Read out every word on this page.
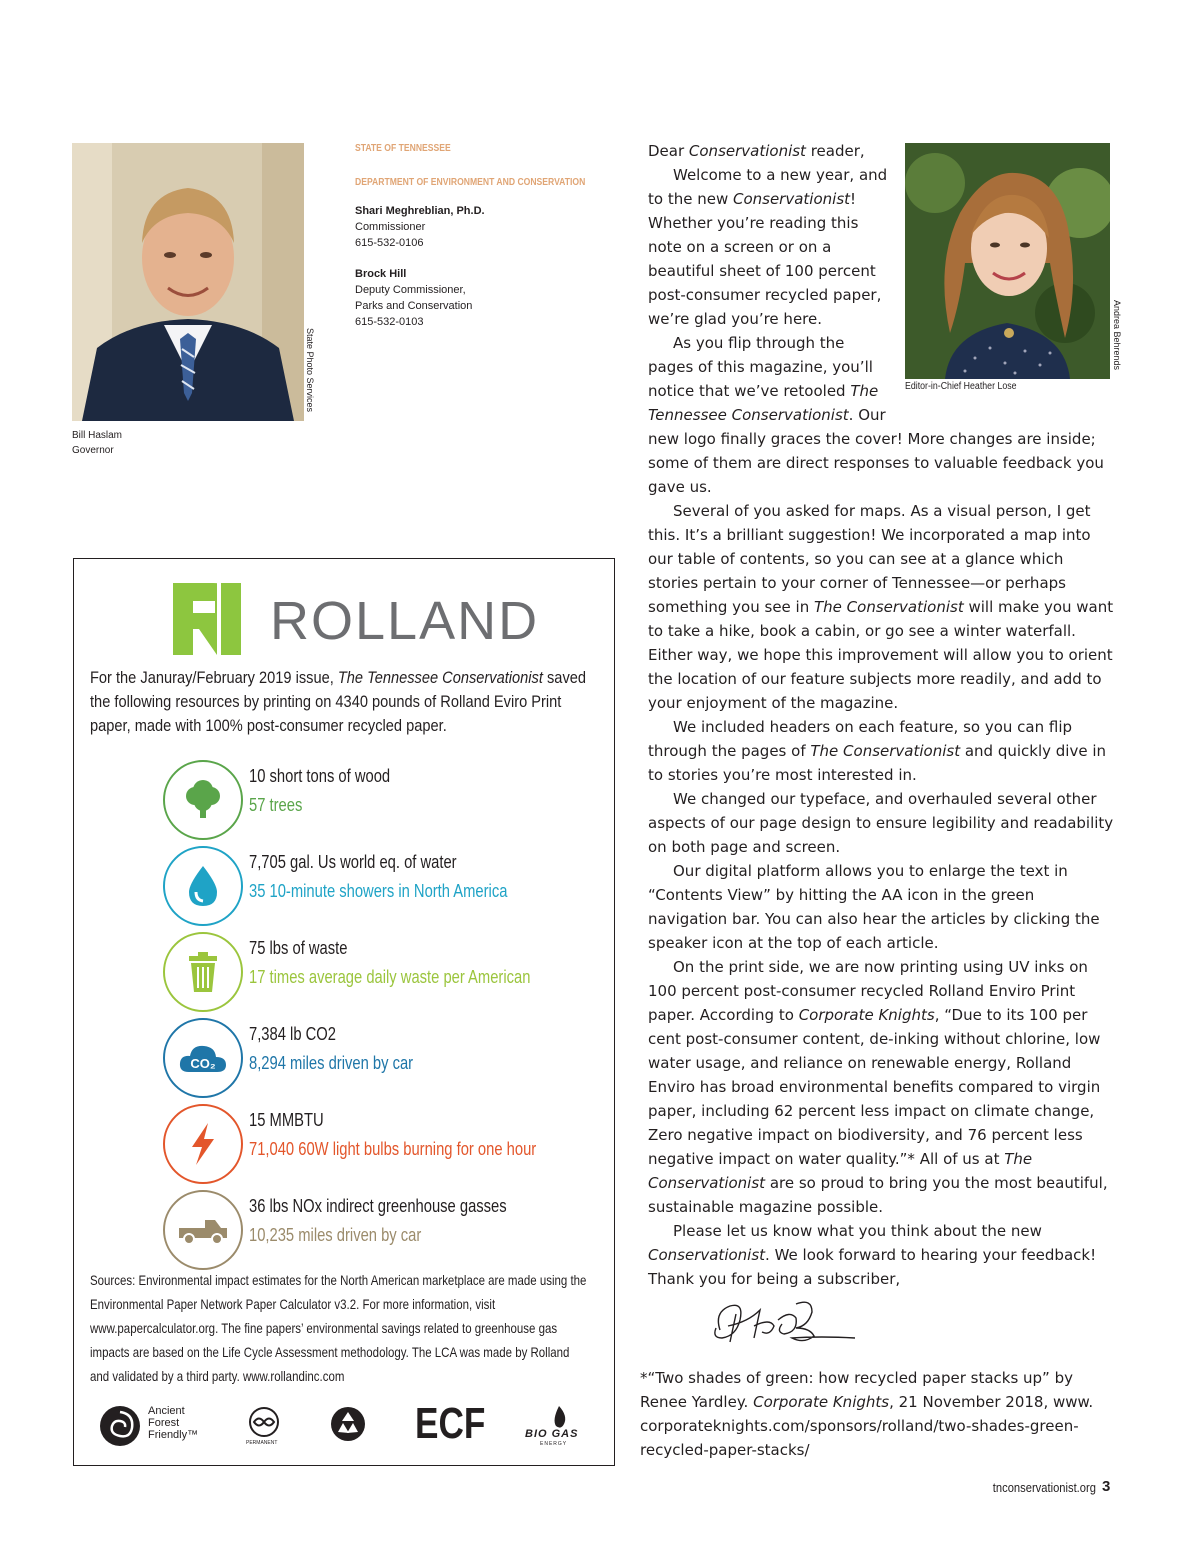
State Photo Services
Bill Haslam
Governor
STATE OF TENNESSEE
DEPARTMENT OF ENVIRONMENT AND CONSERVATION
Shari Meghreblian, Ph.D.
Commissioner
615-532-0106
Brock Hill
Deputy Commissioner,
Parks and Conservation
615-532-0103	Andrea Behrends
Editor-in-Chief Heather Lose

Dear Conservationist reader,

Welcome to a new year, and

to the new Conservationist!

Whether you’re reading this

note on a screen or on a

beautiful sheet of 100 percent

post-consumer recycled paper,

we’re glad you’re here.

As you flip through the

pages of this magazine, you’ll

notice that we’ve retooled The

Tennessee Conservationist. Our

new logo finally graces the cover! More changes are inside;

some of them are direct responses to valuable feedback you

gave us.

Several of you asked for maps. As a visual person, I get this. It’s a brilliant suggestion! We incorporated a map into our table of contents, so you can see at a glance which stories pertain to your corner of Tennessee—or perhaps something you see in The Conservationist will make you want to take a hike, book a cabin, or go see a winter waterfall. Either way, we hope this improvement will allow you to orient the location of our feature subjects more readily, and add to your enjoyment of the magazine.

We included headers on each feature, so you can flip through the pages of The Conservationist and quickly dive in to stories you’re most interested in.

We changed our typeface, and overhauled several other aspects of our page design to ensure legibility and readability on both page and screen.

Our digital platform allows you to enlarge the text in “Contents View” by hitting the AA icon in the green navigation bar. You can also hear the articles by clicking the speaker icon at the top of each article.

On the print side, we are now printing using UV inks on 100 percent post-consumer recycled Rolland Enviro Print paper. According to Corporate Knights, “Due to its 100 per cent post-consumer content, de-inking without chlorine, low water usage, and reliance on renewable energy, Rolland Enviro has broad environmental benefits compared to virgin paper, including 62 percent less impact on climate change, Zero negative impact on biodiversity, and 76 percent less negative impact on water quality.”* All of us at The Conservationist are so proud to bring you the most beautiful, sustainable magazine possible.

Please let us know what you think about the new Conservationist. We look forward to hearing your feedback!

Thank you for being a subscriber,

*“Two shades of green: how recycled paper stacks up” by Renee Yardley. Corporate Knights, 21 November 2018, www. corporateknights.com/sponsors/rolland/two-shades-green-recycled-paper-stacks/
ROLLAND
For the Januray/February 2019 issue, The Tennessee Conservationist saved the following resources by printing on 4340 pounds of Rolland Eviro Print paper, made with 100% post-consumer recycled paper.
10 short tons of wood
57 trees
7,705 gal. Us world eq. of water
35 10-minute showers in North America
75 lbs of waste
17 times average daily waste per American
CO₂
7,384 lb CO2
8,294 miles driven by car
15 MMBTU
71,040 60W light bulbs burning for one hour
36 lbs NOx indirect greenhouse gasses
10,235 miles driven by car
Sources: Environmental impact estimates for the North American marketplace are made using the Environmental Paper Network Paper Calculator v3.2. For more information, visit www.papercalculator.org. The fine papers’ environmental savings related to greenhouse gas impacts are based on the Life Cycle Assessment methodology. The LCA was made by Rolland and validated by a third party. www.rollandinc.com
Ancient
Forest
Friendly™
PERMANENT	ECF	BIO GAS
ENERGY
tnconservationist.org 3
